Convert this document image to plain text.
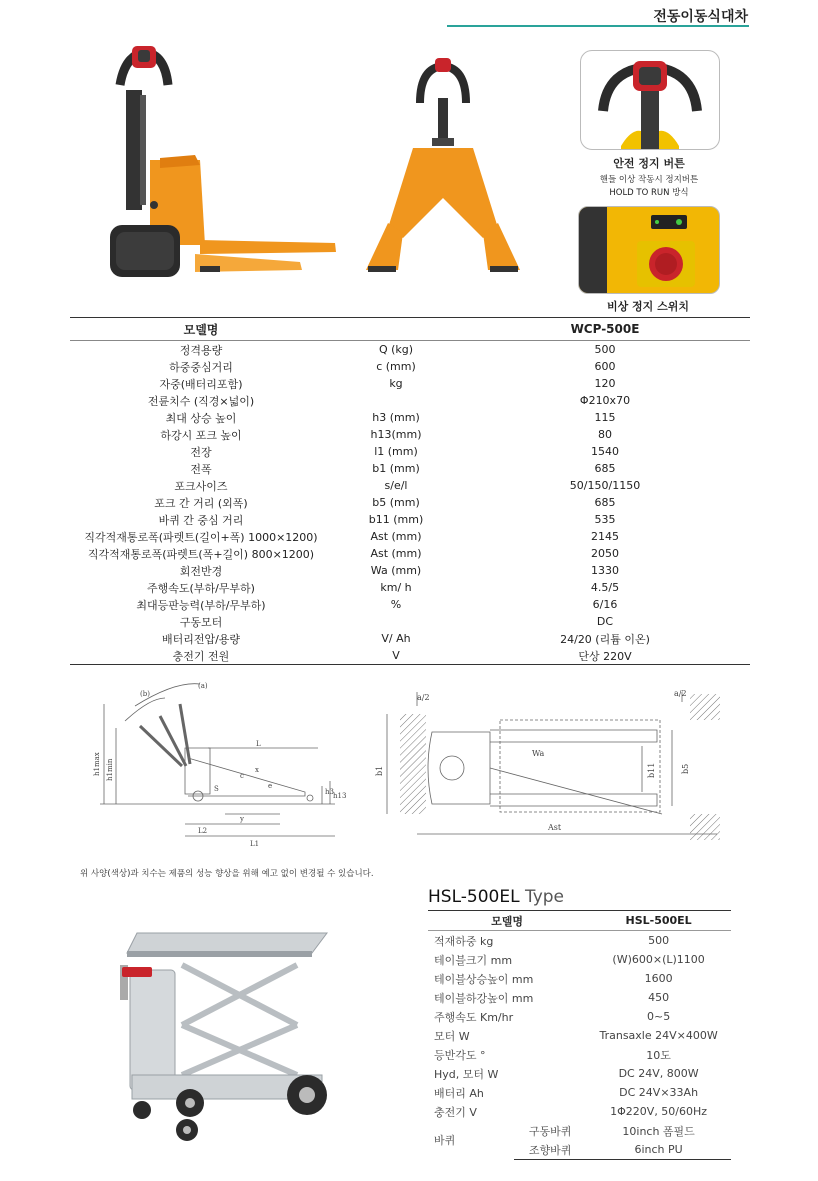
전동이동식대차
안전 정지 버튼
핸들 이상 작동시 정지버튼
HOLD TO RUN 방식
비상 정지 스위치
모델명		WCP-500E
정격용량	Q (kg)	500
하중중심거리	c (mm)	600
자중(배터리포함)	kg	120
전륜치수 (직경×넓이)		Φ210x70
최대 상승 높이	h3 (mm)	115
하강시 포크 높이	h13(mm)	80
전장	l1 (mm)	1540
전폭	b1 (mm)	685
포크사이즈	s/e/l	50/150/1150
포크 간 거리 (외폭)	b5 (mm)	685
바퀴 간 중심 거리	b11 (mm)	535
직각적재통로폭(파렛트(길이+폭) 1000×1200)	Ast (mm)	2145
직각적재통로폭(파렛트(폭+길이) 800×1200)	Ast (mm)	2050
회전반경	Wa (mm)	1330
주행속도(부하/무부하)	km/ h	4.5/5
최대등판능력(부하/무부하)	%	6/16
구동모터		DC
배터리전압/용량	V/ Ah	24/20 (리튬 이온)
충전기 전원	V	단상 220V
h1max h1min
L
x
c
y
L2
L1
h3 h13
(b)
(a)
S	e
a/2	a/2
b1	b11	b5
Ast
Wa
위 사양(색상)과 치수는 제품의 성능 향상을 위해 예고 없이 변경될 수 있습니다.
HSL-500EL Type
모델명		HSL-500EL
적재하중 kg		500
테이블크기 mm		(W)600×(L)1100
테이블상승높이 mm		1600
테이블하강높이 mm		450
주행속도 Km/hr		0~5
모터 W		Transaxle 24V×400W
등반각도 °		10도
Hyd, 모터 W		DC 24V, 800W
배터리 Ah		DC 24V×33Ah
충전기 V		1Φ220V, 50/60Hz
바퀴	구동바퀴	10inch 폼필드
	조향바퀴	6inch PU
